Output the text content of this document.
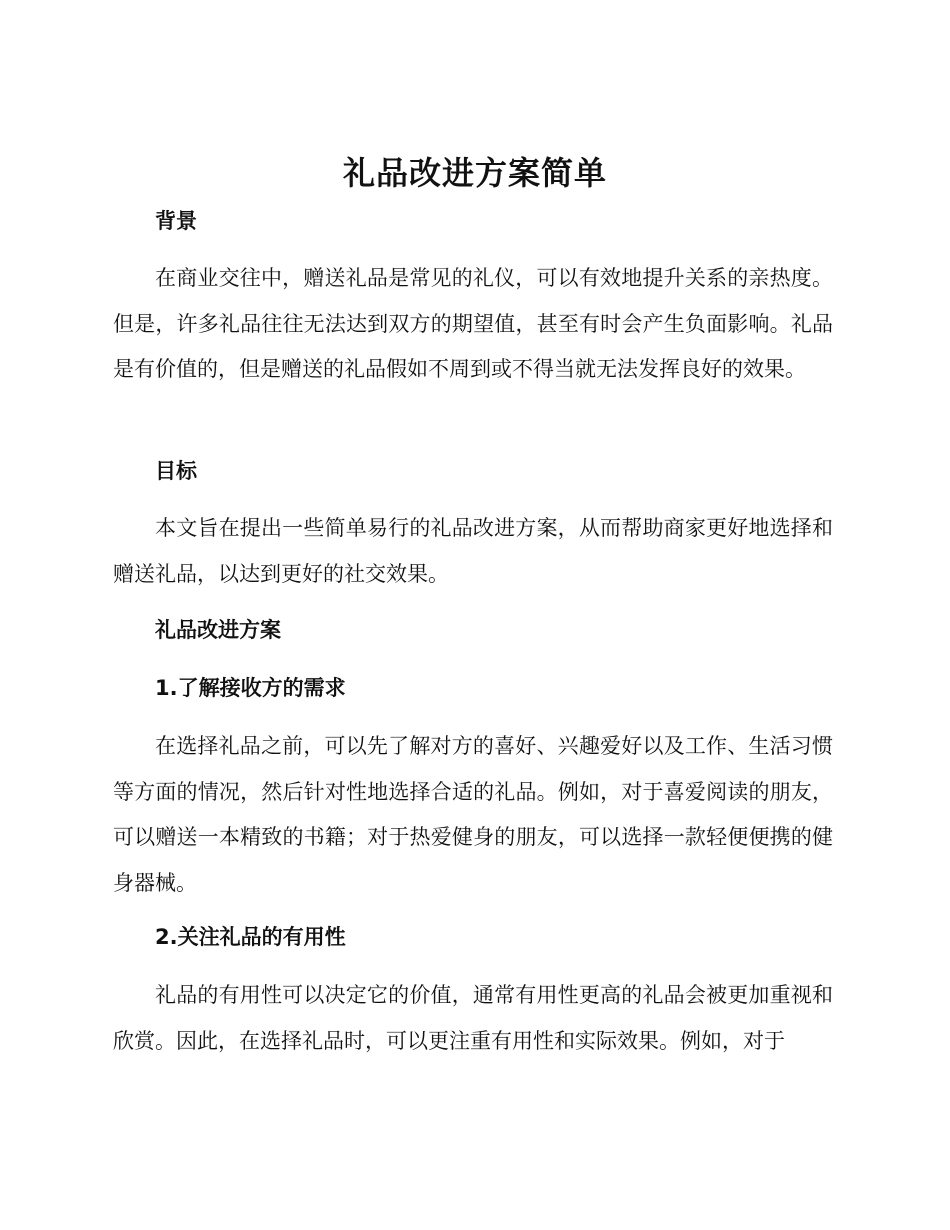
礼品改进方案简单
背景
在商业交往中，赠送礼品是常见的礼仪，可以有效地提升关系的亲热度。但是，许多礼品往往无法达到双方的期望值，甚至有时会产生负面影响。礼品是有价值的，但是赠送的礼品假如不周到或不得当就无法发挥良好的效果。
目标
本文旨在提出一些简单易行的礼品改进方案，从而帮助商家更好地选择和赠送礼品，以达到更好的社交效果。
礼品改进方案
1.了解接收方的需求
在选择礼品之前，可以先了解对方的喜好、兴趣爱好以及工作、生活习惯等方面的情况，然后针对性地选择合适的礼品。例如，对于喜爱阅读的朋友，可以赠送一本精致的书籍；对于热爱健身的朋友，可以选择一款轻便便携的健身器械。
2.关注礼品的有用性
礼品的有用性可以决定它的价值，通常有用性更高的礼品会被更加重视和欣赏。因此，在选择礼品时，可以更注重有用性和实际效果。例如，对于
